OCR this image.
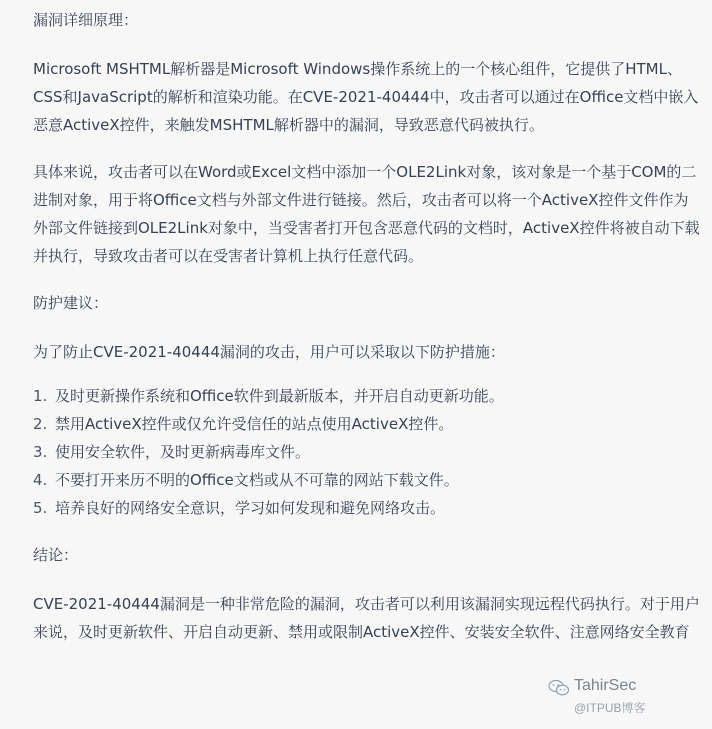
漏洞详细原理：

Microsoft MSHTML解析器是Microsoft Windows操作系统上的一个核心组件，它提供了HTML、CSS和JavaScript的解析和渲染功能。在CVE-2021-40444中，攻击者可以通过在Office文档中嵌入恶意ActiveX控件，来触发MSHTML解析器中的漏洞，导致恶意代码被执行。

具体来说，攻击者可以在Word或Excel文档中添加一个OLE2Link对象，该对象是一个基于COM的二进制对象，用于将Office文档与外部文件进行链接。然后，攻击者可以将一个ActiveX控件文件作为外部文件链接到OLE2Link对象中，当受害者打开包含恶意代码的文档时，ActiveX控件将被自动下载并执行，导致攻击者可以在受害者计算机上执行任意代码。

防护建议：

为了防止CVE-2021-40444漏洞的攻击，用户可以采取以下防护措施：

1. 及时更新操作系统和Office软件到最新版本，并开启自动更新功能。
2. 禁用ActiveX控件或仅允许受信任的站点使用ActiveX控件。
3. 使用安全软件，及时更新病毒库文件。
4. 不要打开来历不明的Office文档或从不可靠的网站下载文件。
5. 培养良好的网络安全意识，学习如何发现和避免网络攻击。

结论：

CVE-2021-40444漏洞是一种非常危险的漏洞，攻击者可以利用该漏洞实现远程代码执行。对于用户来说，及时更新软件、开启自动更新、禁用或限制ActiveX控件、安装安全软件、注意网络安全教育

TahirSec
@ITPUB博客
